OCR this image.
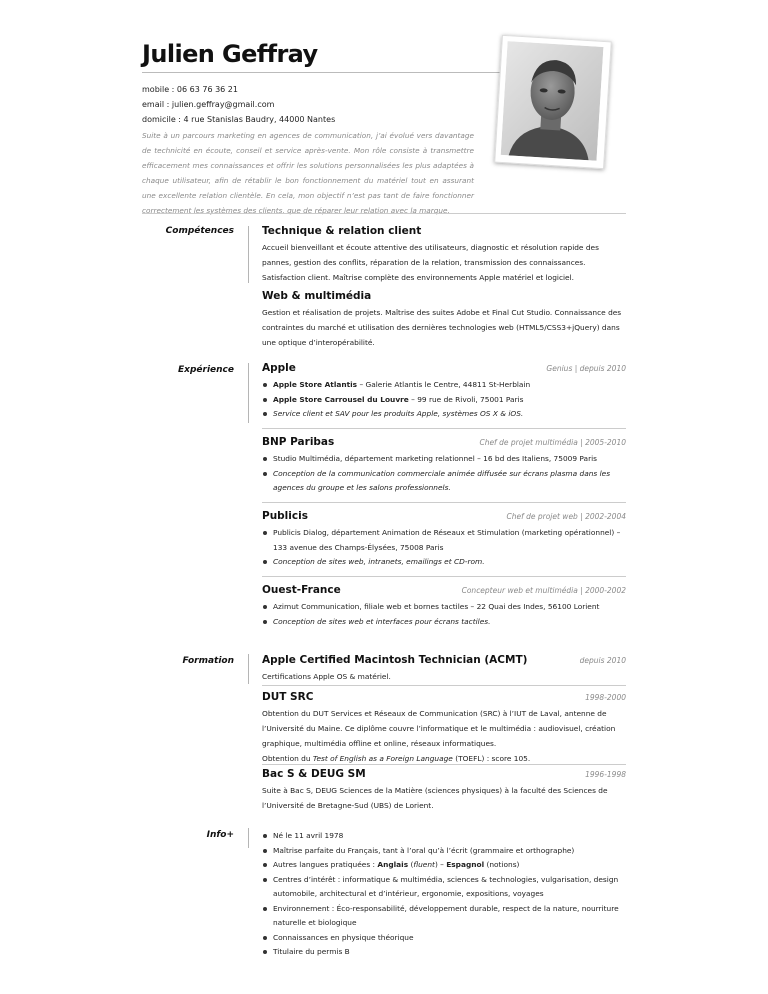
Julien Geffray
mobile : 06 63 76 36 21
email : julien.geffray@gmail.com
domicile : 4 rue Stanislas Baudry, 44000 Nantes

Suite à un parcours marketing en agences de communication, j’ai évolué vers davantage de technicité en écoute, conseil et service après-vente. Mon rôle consiste à transmettre efficacement mes connaissances et offrir les solutions personnalisées les plus adaptées à chaque utilisateur, afin de rétablir le bon fonctionnement du matériel tout en assurant une excellente relation clientèle. En cela, mon objectif n’est pas tant de faire fonctionner correctement les systèmes des clients, que de réparer leur relation avec la marque.

Compétences	Technique & relation client

Accueil bienveillant et écoute attentive des utilisateurs, diagnostic et résolution rapide des pannes, gestion des conflits, réparation de la relation, transmission des connaissances. Satisfaction client. Maîtrise complète des environnements Apple matériel et logiciel.

Web & multimédia

Gestion et réalisation de projets. Maîtrise des suites Adobe et Final Cut Studio. Connaissance des contraintes du marché et utilisation des dernières technologies web (HTML5/CSS3+jQuery) dans une optique d’interopérabilité.

Expérience	Apple	Genius | depuis 2010
Apple Store Atlantis – Galerie Atlantis le Centre, 44811 St-Herblain
Apple Store Carrousel du Louvre – 99 rue de Rivoli, 75001 Paris
Service client et SAV pour les produits Apple, systèmes OS X & iOS.
BNP Paribas	Chef de projet multimédia | 2005-2010
Studio Multimédia, département marketing relationnel – 16 bd des Italiens, 75009 Paris
Conception de la communication commerciale animée diffusée sur écrans plasma dans les agences du groupe et les salons professionnels.
Publicis	Chef de projet web | 2002-2004
Publicis Dialog, département Animation de Réseaux et Stimulation (marketing opérationnel) – 133 avenue des Champs-Élysées, 75008 Paris
Conception de sites web, intranets, emailings et CD-rom.
Ouest-France	Concepteur web et multimédia | 2000-2002
Azimut Communication, filiale web et bornes tactiles – 22 Quai des Indes, 56100 Lorient
Conception de sites web et interfaces pour écrans tactiles.
Formation	Apple Certified Macintosh Technician (ACMT)	depuis 2010

Certifications Apple OS & matériel.

DUT SRC	1998-2000

Obtention du DUT Services et Réseaux de Communication (SRC) à l’IUT de Laval, antenne de l’Université du Maine. Ce diplôme couvre l’informatique et le multimédia : audiovisuel, création graphique, multimédia offline et online, réseaux informatiques.

Obtention du Test of English as a Foreign Language (TOEFL) : score 105.

Bac S & DEUG SM	1996-1998

Suite à Bac S, DEUG Sciences de la Matière (sciences physiques) à la faculté des Sciences de l’Université de Bretagne-Sud (UBS) de Lorient.

Info+	Né le 11 avril 1978
Maîtrise parfaite du Français, tant à l’oral qu’à l’écrit (grammaire et orthographe)
Autres langues pratiquées : Anglais (fluent) – Espagnol (notions)
Centres d’intérêt : informatique & multimédia, sciences & technologies, vulgarisation, design automobile, architectural et d’intérieur, ergonomie, expositions, voyages
Environnement : Éco-responsabilité, développement durable, respect de la nature, nourriture naturelle et biologique
Connaissances en physique théorique
Titulaire du permis B
